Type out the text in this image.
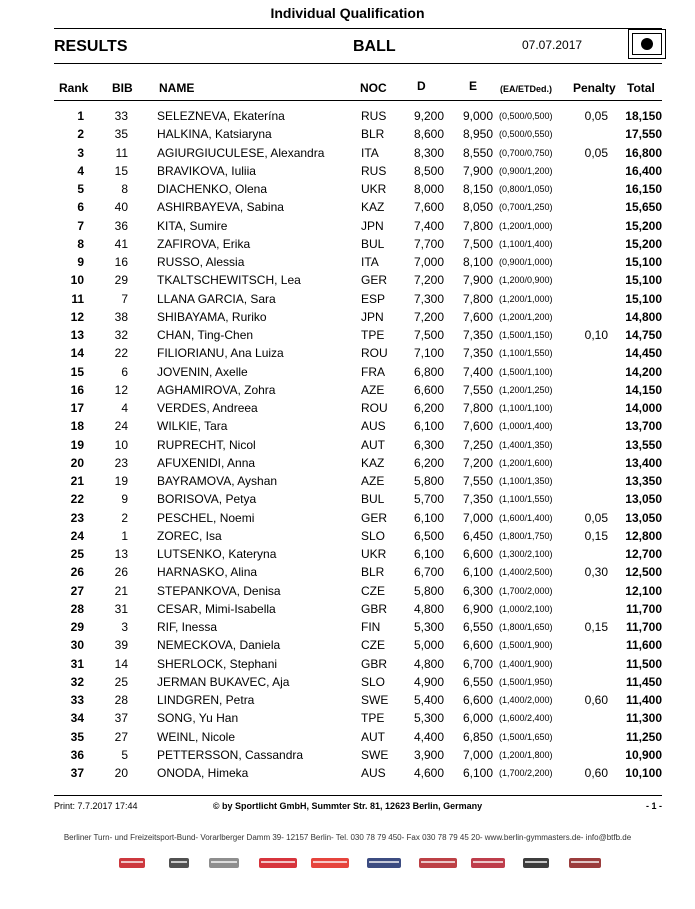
Individual Qualification
RESULTS	BALL	07.07.2017
Rank BIB NAME	NOC	D	E	(EA/ETDed.) Penalty Total
1	33 SELEZNEVA, Ekaterína	RUS	9,200	9,000 (0,500/0,500)	0,05	18,150
2	35 HALKINA, Katsiaryna	BLR	8,600	8,950 (0,500/0,550)	17,550
3	11 AGIURGIUCULESE, Alexandra	ITA	8,300	8,550 (0,700/0,750)	0,05	16,800
4	15 BRAVIKOVA, Iuliia	RUS	8,500	7,900 (0,900/1,200)	16,400
5	8 DIACHENKO, Olena	UKR	8,000	8,150 (0,800/1,050)	16,150
6	40 ASHIRBAYEVA, Sabina	KAZ	7,600	8,050 (0,700/1,250)	15,650
7	36 KITA, Sumire	JPN	7,400	7,800 (1,200/1,000)	15,200
8	41 ZAFIROVA, Erika	BUL	7,700	7,500 (1,100/1,400)	15,200
9	16 RUSSO, Alessia	ITA	7,000	8,100 (0,900/1,000)	15,100
10	29 TKALTSCHEWITSCH, Lea	GER	7,200	7,900 (1,200/0,900)	15,100
11	7 LLANA GARCIA, Sara	ESP	7,300	7,800 (1,200/1,000)	15,100
12	38 SHIBAYAMA, Ruriko	JPN	7,200	7,600 (1,200/1,200)	14,800
13	32 CHAN, Ting-Chen	TPE	7,500	7,350 (1,500/1,150)	0,10	14,750
14	22 FILIORIANU, Ana Luiza	ROU	7,100	7,350 (1,100/1,550)	14,450
15	6 JOVENIN, Axelle	FRA	6,800	7,400 (1,500/1,100)	14,200
16	12 AGHAMIROVA, Zohra	AZE	6,600	7,550 (1,200/1,250)	14,150
17	4 VERDES, Andreea	ROU	6,200	7,800 (1,100/1,100)	14,000
18	24 WILKIE, Tara	AUS	6,100	7,600 (1,000/1,400)	13,700
19	10 RUPRECHT, Nicol	AUT	6,300	7,250 (1,400/1,350)	13,550
20	23 AFUXENIDI, Anna	KAZ	6,200	7,200 (1,200/1,600)	13,400
21	19 BAYRAMOVA, Ayshan	AZE	5,800	7,550 (1,100/1,350)	13,350
22	9 BORISOVA, Petya	BUL	5,700	7,350 (1,100/1,550)	13,050
23	2 PESCHEL, Noemi	GER	6,100	7,000 (1,600/1,400)	0,05	13,050
24	1 ZOREC, Isa	SLO	6,500	6,450 (1,800/1,750)	0,15	12,800
25	13 LUTSENKO, Kateryna	UKR	6,100	6,600 (1,300/2,100)	12,700
26	26 HARNASKO, Alina	BLR	6,700	6,100 (1,400/2,500)	0,30	12,500
27	21 STEPANKOVA, Denisa	CZE	5,800	6,300 (1,700/2,000)	12,100
28	31 CESAR, Mimi-Isabella	GBR	4,800	6,900 (1,000/2,100)	11,700
29	3 RIF, Inessa	FIN	5,300	6,550 (1,800/1,650)	0,15	11,700
30	39 NEMECKOVA, Daniela	CZE	5,000	6,600 (1,500/1,900)	11,600
31	14 SHERLOCK, Stephani	GBR	4,800	6,700 (1,400/1,900)	11,500
32	25 JERMAN BUKAVEC, Aja	SLO	4,900	6,550 (1,500/1,950)	11,450
33	28 LINDGREN, Petra	SWE	5,400	6,600 (1,400/2,000)	0,60	11,400
34	37 SONG, Yu Han	TPE	5,300	6,000 (1,600/2,400)	11,300
35	27 WEINL, Nicole	AUT	4,400	6,850 (1,500/1,650)	11,250
36	5 PETTERSSON, Cassandra	SWE	3,900	7,000 (1,200/1,800)	10,900
37	20 ONODA, Himeka	AUS	4,600	6,100 (1,700/2,200)	0,60	10,100
Print: 7.7.2017 17:44	© by Sportlicht GmbH, Summter Str. 81, 12623 Berlin, Germany	- 1 -
Berliner Turn- und Freizeitsport-Bund- Vorarlberger Damm 39- 12157 Berlin- Tel. 030 78 79 450- Fax 030 78 79 45 20- www.berlin-gymmasters.de- info@btfb.de
